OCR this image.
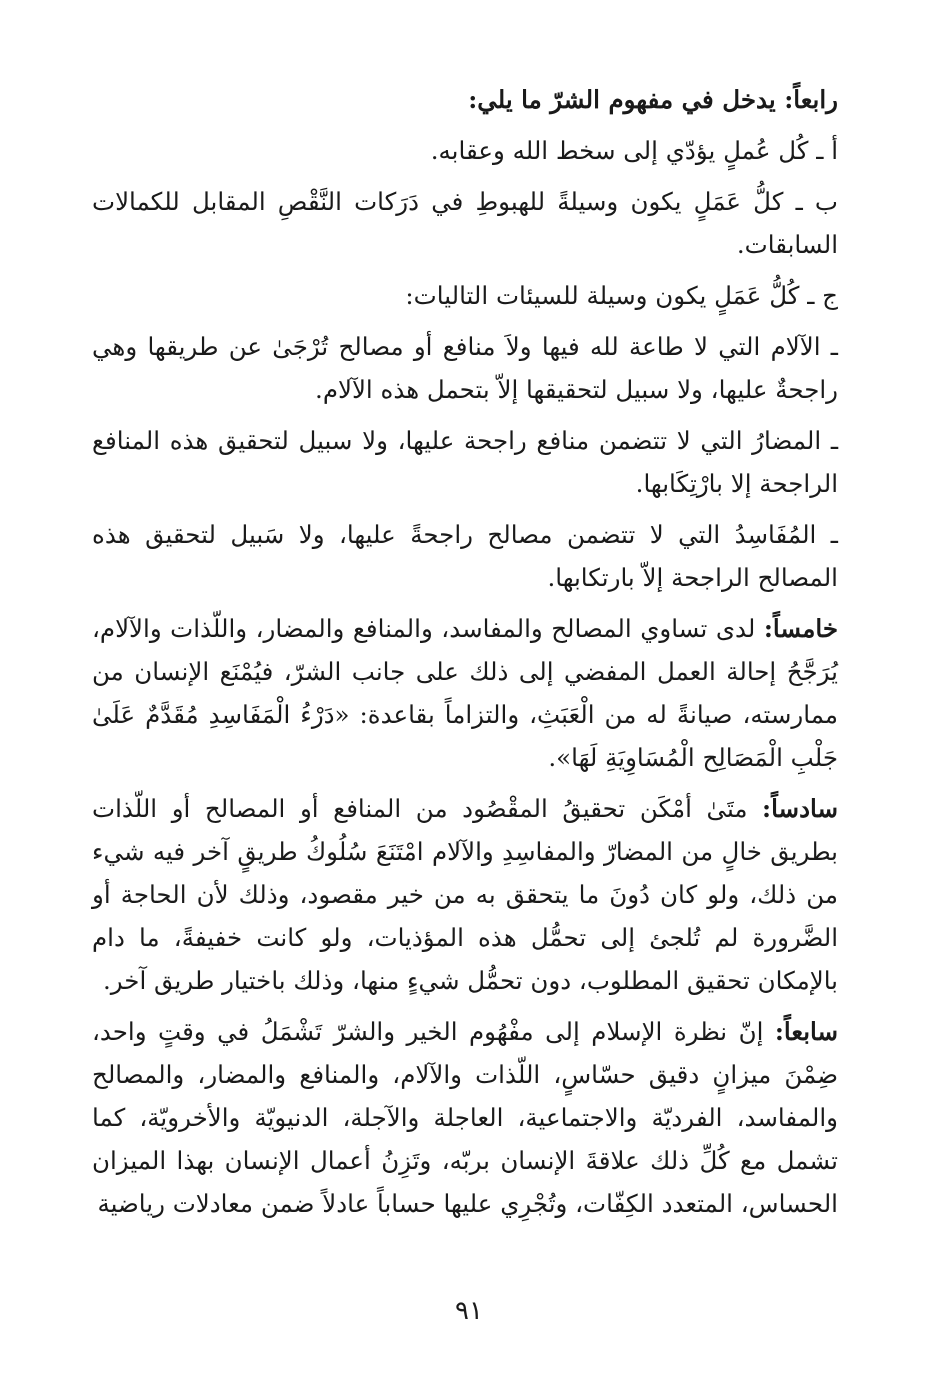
رابعاً: يدخل في مفهوم الشرّ ما يلي:

أ ـ كُل عُملٍ يؤدّي إلى سخط الله وعقابه.

ب ـ كلُّ عَمَلٍ يكون وسيلةً للهبوطِ في دَرَكات النَّقْصِ المقابل للكمالات السابقات.

ج ـ كُلُّ عَمَلٍ يكون وسيلة للسيئات التاليات:

ـ الآلام التي لا طاعة لله فيها ولاَ منافع أو مصالح تُرْجَىٰ عن طريقها وهي راجحةٌ عليها، ولا سبيل لتحقيقها إلاّ بتحمل هذه الآلام.

ـ المضارُ التي لا تتضمن منافع راجحة عليها، ولا سبيل لتحقيق هذه المنافع الراجحة إلا بارْتِكَابها.

ـ المُفَاسِدُ التي لا تتضمن مصالح راجحةً عليها، ولا سَبيل لتحقيق هذه المصالح الراجحة إلاّ بارتكابها.

خامساً: لدى تساوي المصالح والمفاسد، والمنافع والمضار، واللّذات والآلام، يُرَجَّحُ إحالة العمل المفضي إلى ذلك على جانب الشرّ، فيُمْنَع الإنسان من ممارسته، صيانةً له من الْعَبَثِ، والتزاماً بقاعدة: «دَرْءُ الْمَفَاسِدِ مُقَدَّمٌ عَلَىٰ جَلْبِ الْمَصَالِح الْمُسَاوِيَةِ لَهَا».

سادساً: متَىٰ أمْكَن تحقيقُ المقْصُود من المنافع أو المصالح أو اللّذات بطريق خالٍ من المضارّ والمفاسِدِ والآلام امْتَنَعَ سُلُوكُ طريقٍ آخر فيه شيء من ذلك، ولو كان دُونَ ما يتحقق به من خير مقصود، وذلك لأن الحاجة أو الضَّرورة لم تُلجئ إلى تحمُّل هذه المؤذيات، ولو كانت خفيفةً، ما دام بالإمكان تحقيق المطلوب، دون تحمُّل شيءٍ منها، وذلك باختيار طريق آخر.

سابعاً: إنّ نظرة الإسلام إلى مفْهُوم الخير والشرّ تَشْمَلُ في وقتٍ واحد، ضِمْنَ ميزانٍ دقيق حسّاسٍ، اللّذات والآلام، والمنافع والمضار، والمصالح والمفاسد، الفرديّة والاجتماعية، العاجلة والآجلة، الدنيويّة والأخرويّة، كما تشمل مع كُلِّ ذلك علاقةَ الإنسان بربّه، وتَزِنُ أعمال الإنسان بهذا الميزان الحساس، المتعدد الكِفّات، وتُجْرِي عليها حساباً عادلاً ضمن معادلات رياضية

٩١
